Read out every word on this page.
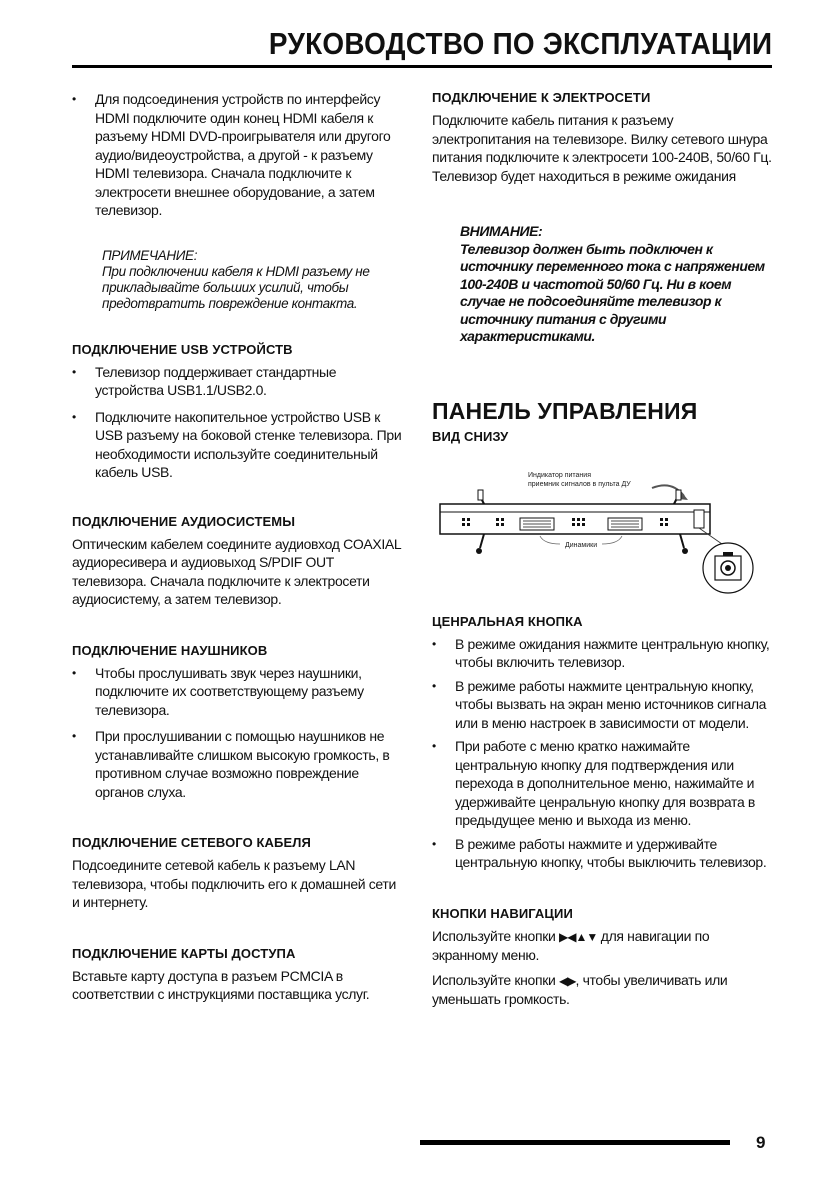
РУКОВОДСТВО ПО ЭКСПЛУАТАЦИИ
• Для подсоединения устройств по интерфейсу HDMI подключите один конец HDMI кабеля к разъему HDMI DVD-проигрывателя или другого аудио/видеоустройства, а другой - к разъему HDMI телевизора. Сначала подключите к электросети внешнее оборудование, а затем телевизор.
ПРИМЕЧАНИЕ:
При подключении кабеля к HDMI разъему не прикладывайте больших усилий, чтобы предотвратить повреждение контакта.
ПОДКЛЮЧЕНИЕ USB УСТРОЙСТВ
• Телевизор поддерживает стандартные устройства USB1.1/USB2.0.
• Подключите накопительное устройство USB к USB разъему на боковой стенке телевизора. При необходимости используйте соединительный кабель USB.
ПОДКЛЮЧЕНИЕ АУДИОСИСТЕМЫ

Оптическим кабелем соедините аудиовход COAXIAL аудиоресивера и аудиовыход S/PDIF OUT телевизора. Сначала подключите к электросети аудиосистему, а затем телевизор.

ПОДКЛЮЧЕНИЕ НАУШНИКОВ
• Чтобы прослушивать звук через наушники, подключите их соответствующему разъему телевизора.
• При прослушивании с помощью наушников не устанавливайте слишком высокую громкость, в противном случае возможно повреждение органов слуха.
ПОДКЛЮЧЕНИЕ СЕТЕВОГО КАБЕЛЯ

Подсоедините сетевой кабель к разъему LAN телевизора, чтобы подключить его к домашней сети и интернету.

ПОДКЛЮЧЕНИЕ КАРТЫ ДОСТУПА

Вставьте карту доступа в разъем PCMCIA в соответствии с инструкциями поставщика услуг.

ПОДКЛЮЧЕНИЕ К ЭЛЕКТРОСЕТИ

Подключите кабель питания к разъему электропитания на телевизоре. Вилку сетевого шнура питания подключите к электросети 100-240В, 50/60 Гц. Телевизор будет находиться в режиме ожидания

ВНИМАНИЕ:
Телевизор должен быть подключен к источнику переменного тока с напряжением 100-240В и частотой 50/60 Гц. Ни в коем случае не подсоединяйте телевизор к источнику питания с другими характеристиками.
ПАНЕЛЬ УПРАВЛЕНИЯ
ВИД СНИЗУ
Индикатор питания
приемник сигналов в пульта ДУ
Динамики
ЦЕНРАЛЬНАЯ КНОПКА
• В режиме ожидания нажмите центральную кнопку, чтобы включить телевизор.
• В режиме работы нажмите центральную кнопку, чтобы вызвать на экран меню источников сигнала или в меню настроек в зависимости от модели.
• При работе с меню кратко нажимайте центральную кнопку для подтверждения или перехода в дополнительное меню, нажимайте и удерживайте ценральную кнопку для возврата в предыдущее меню и выхода из меню.
• В режиме работы нажмите и удерживайте центральную кнопку, чтобы выключить телевизор.
КНОПКИ НАВИГАЦИИ

Используйте кнопки ▶◀▲▼ для навигации по экранному меню.

Используйте кнопки ◀▶, чтобы увеличивать или уменьшать громкость.

9
